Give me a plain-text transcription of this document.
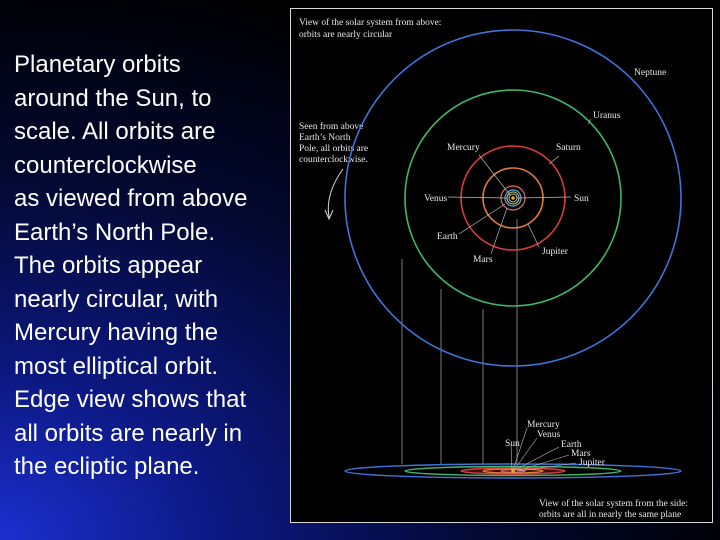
Planetary orbits
around the Sun, to
scale. All orbits are
counterclockwise
as viewed from above
Earth’s North Pole.
The orbits appear
nearly circular, with
Mercury having the
most elliptical orbit.
Edge view shows that
all orbits are nearly in
the ecliptic plane.
View of the solar system from above:
orbits are nearly circular
Seen from above
Earth’s North
Pole, all orbits are
counterclockwise.
Neptune
Uranus
Mercury	Saturn
Venus	Sun
Earth
Jupiter
Mars
Mercury
Venus
Sun	Earth
Mars
Jupiter
View of the solar system from the side:
orbits are all in nearly the same plane
